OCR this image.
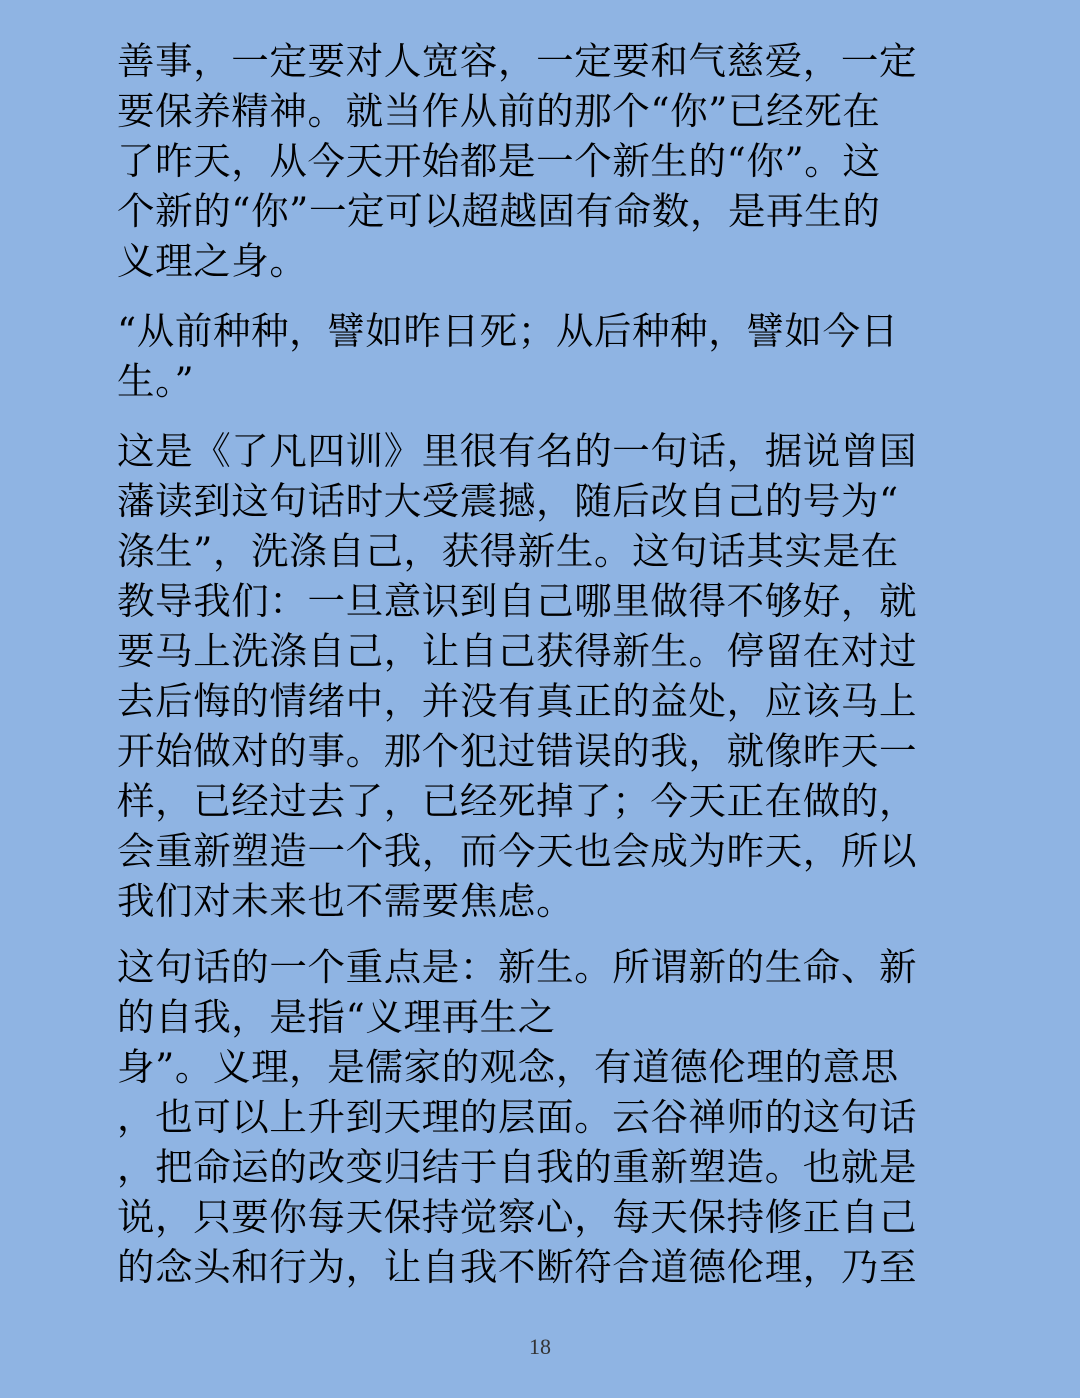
善事，一定要对人宽容，一定要和气慈爱，一定
要保养精神。就当作从前的那个“你”已经死在
了昨天，从今天开始都是一个新生的“你”。这
个新的“你”一定可以超越固有命数，是再生的
义理之身。

“从前种种，譬如昨日死；从后种种，譬如今日
生。”

这是《了凡四训》里很有名的一句话，据说曾国
藩读到这句话时大受震撼，随后改自己的号为“
涤生”，洗涤自己，获得新生。这句话其实是在
教导我们：一旦意识到自己哪里做得不够好，就
要马上洗涤自己，让自己获得新生。停留在对过
去后悔的情绪中，并没有真正的益处，应该马上
开始做对的事。那个犯过错误的我，就像昨天一
样，已经过去了，已经死掉了；今天正在做的，
会重新塑造一个我，而今天也会成为昨天，所以
我们对未来也不需要焦虑。

这句话的一个重点是：新生。所谓新的生命、新
的自我，是指“义理再生之
身”。义理，是儒家的观念，有道德伦理的意思
，也可以上升到天理的层面。云谷禅师的这句话
，把命运的改变归结于自我的重新塑造。也就是
说，只要你每天保持觉察心，每天保持修正自己
的念头和行为，让自我不断符合道德伦理，乃至

18
